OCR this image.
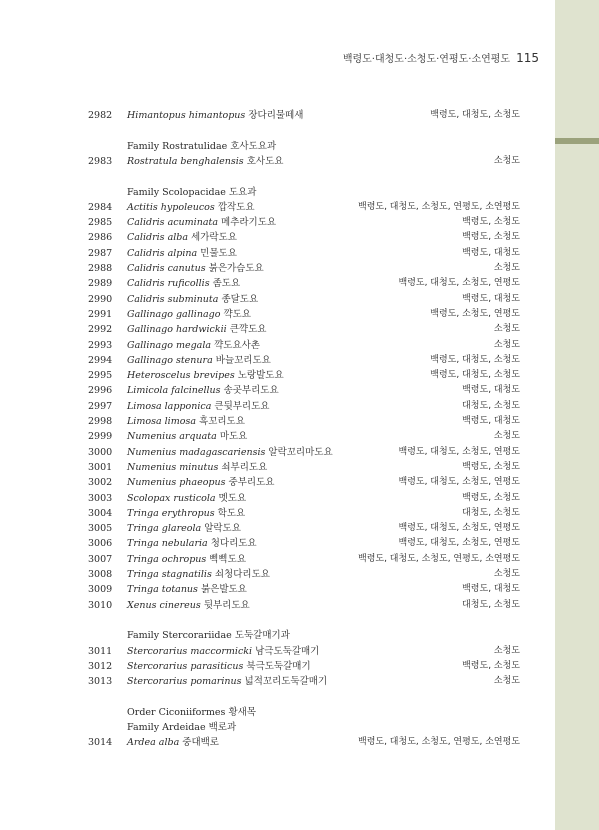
백령도·대청도·소청도·연평도·소연평도 115
2982 Himantopus himantopus 장다리물떼새	백령도, 대청도, 소청도
Family Rostratulidae 호사도요과
2983 Rostratula benghalensis 호사도요	소청도
Family Scolopacidae 도요과
2984 Actitis hypoleucos 깝작도요	백령도, 대청도, 소청도, 연평도, 소연평도
2985 Calidris acuminata 메추라기도요	백령도, 소청도
2986 Calidris alba 세가락도요	백령도, 소청도
2987 Calidris alpina 민물도요	백령도, 대청도
2988 Calidris canutus 붉은가슴도요	소청도
2989 Calidris ruficollis 좀도요	백령도, 대청도, 소청도, 연평도
2990 Calidris subminuta 종달도요	백령도, 대청도
2991 Gallinago gallinago 꺅도요	백령도, 소청도, 연평도
2992 Gallinago hardwickii 큰꺅도요	소청도
2993 Gallinago megala 꺅도요사촌	소청도
2994 Gallinago stenura 바늘꼬리도요	백령도, 대청도, 소청도
2995 Heteroscelus brevipes 노랑발도요	백령도, 대청도, 소청도
2996 Limicola falcinellus 송곳부리도요	백령도, 대청도
2997 Limosa lapponica 큰뒷부리도요	대청도, 소청도
2998 Limosa limosa 흑꼬리도요	백령도, 대청도
2999 Numenius arquata 마도요	소청도
3000 Numenius madagascariensis 알락꼬리마도요	백령도, 대청도, 소청도, 연평도
3001 Numenius minutus 쇠부리도요	백령도, 소청도
3002 Numenius phaeopus 중부리도요	백령도, 대청도, 소청도, 연평도
3003 Scolopax rusticola 멧도요	백령도, 소청도
3004 Tringa erythropus 학도요	대청도, 소청도
3005 Tringa glareola 알락도요	백령도, 대청도, 소청도, 연평도
3006 Tringa nebularia 청다리도요	백령도, 대청도, 소청도, 연평도
3007 Tringa ochropus 삑삑도요	백령도, 대청도, 소청도, 연평도, 소연평도
3008 Tringa stagnatilis 쇠청다리도요	소청도
3009 Tringa totanus 붉은발도요	백령도, 대청도
3010 Xenus cinereus 뒷부리도요	대청도, 소청도
Family Stercorariidae 도둑갈매기과
3011 Stercorarius maccormicki 남극도둑갈매기	소청도
3012 Stercorarius parasiticus 북극도둑갈매기	백령도, 소청도
3013 Stercorarius pomarinus 넓적꼬리도둑갈매기	소청도
Order Ciconiiformes 황새목
Family Ardeidae 백로과
3014 Ardea alba 중대백로	백령도, 대청도, 소청도, 연평도, 소연평도
